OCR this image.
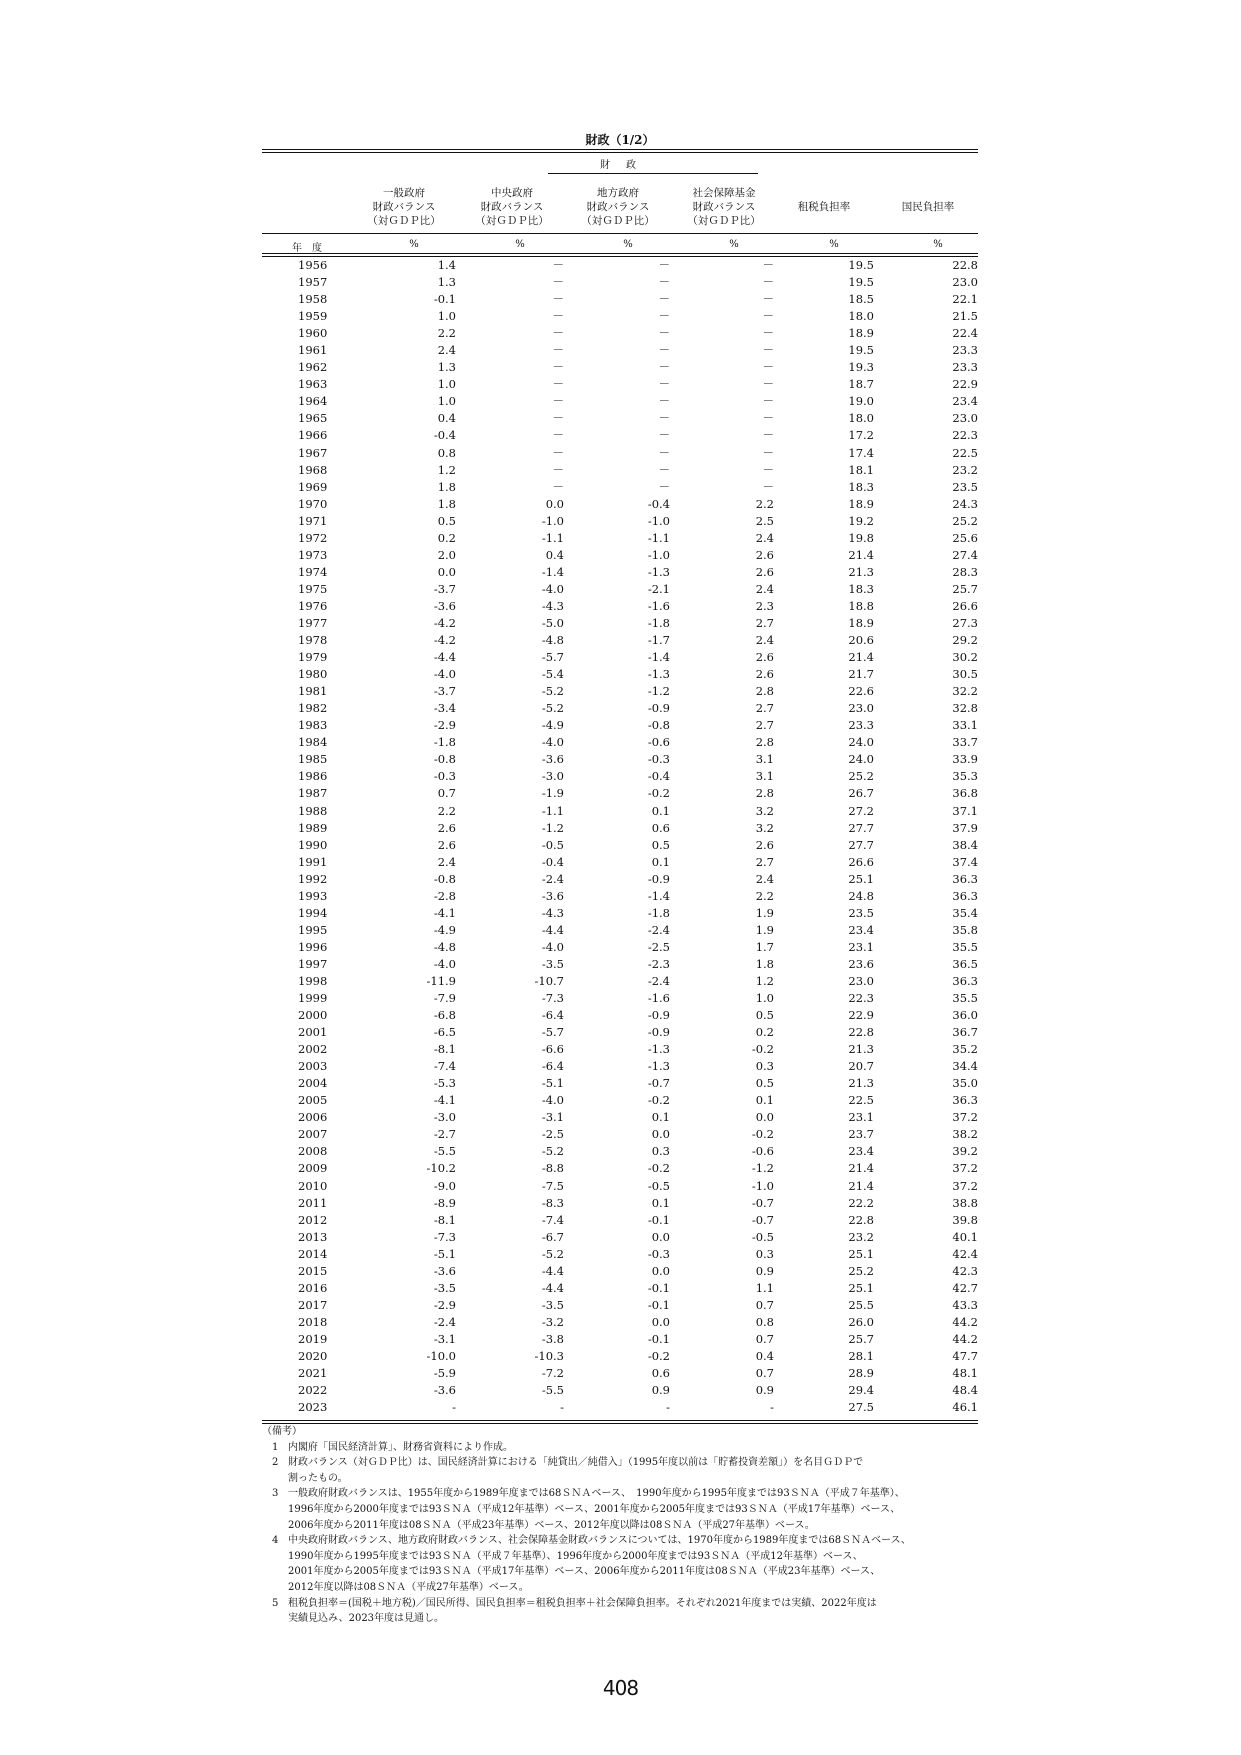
財政（1/2）
財　政
一般政府
財政バランス
（対ＧＤＰ比）
中央政府
財政バランス
（対ＧＤＰ比）
地方政府
財政バランス
（対ＧＤＰ比）
社会保障基金
財政バランス
（対ＧＤＰ比）
租税負担率	国民負担率
年　度	%	%	%	%	%	%
1956	1.4	－	－	－	19.5	22.8
1957	1.3	－	－	－	19.5	23.0
1958	-0.1	－	－	－	18.5	22.1
1959	1.0	－	－	－	18.0	21.5
1960	2.2	－	－	－	18.9	22.4
1961	2.4	－	－	－	19.5	23.3
1962	1.3	－	－	－	19.3	23.3
1963	1.0	－	－	－	18.7	22.9
1964	1.0	－	－	－	19.0	23.4
1965	0.4	－	－	－	18.0	23.0
1966	-0.4	－	－	－	17.2	22.3
1967	0.8	－	－	－	17.4	22.5
1968	1.2	－	－	－	18.1	23.2
1969	1.8	－	－	－	18.3	23.5
1970	1.8	0.0	-0.4	2.2	18.9	24.3
1971	0.5	-1.0	-1.0	2.5	19.2	25.2
1972	0.2	-1.1	-1.1	2.4	19.8	25.6
1973	2.0	0.4	-1.0	2.6	21.4	27.4
1974	0.0	-1.4	-1.3	2.6	21.3	28.3
1975	-3.7	-4.0	-2.1	2.4	18.3	25.7
1976	-3.6	-4.3	-1.6	2.3	18.8	26.6
1977	-4.2	-5.0	-1.8	2.7	18.9	27.3
1978	-4.2	-4.8	-1.7	2.4	20.6	29.2
1979	-4.4	-5.7	-1.4	2.6	21.4	30.2
1980	-4.0	-5.4	-1.3	2.6	21.7	30.5
1981	-3.7	-5.2	-1.2	2.8	22.6	32.2
1982	-3.4	-5.2	-0.9	2.7	23.0	32.8
1983	-2.9	-4.9	-0.8	2.7	23.3	33.1
1984	-1.8	-4.0	-0.6	2.8	24.0	33.7
1985	-0.8	-3.6	-0.3	3.1	24.0	33.9
1986	-0.3	-3.0	-0.4	3.1	25.2	35.3
1987	0.7	-1.9	-0.2	2.8	26.7	36.8
1988	2.2	-1.1	0.1	3.2	27.2	37.1
1989	2.6	-1.2	0.6	3.2	27.7	37.9
1990	2.6	-0.5	0.5	2.6	27.7	38.4
1991	2.4	-0.4	0.1	2.7	26.6	37.4
1992	-0.8	-2.4	-0.9	2.4	25.1	36.3
1993	-2.8	-3.6	-1.4	2.2	24.8	36.3
1994	-4.1	-4.3	-1.8	1.9	23.5	35.4
1995	-4.9	-4.4	-2.4	1.9	23.4	35.8
1996	-4.8	-4.0	-2.5	1.7	23.1	35.5
1997	-4.0	-3.5	-2.3	1.8	23.6	36.5
1998	-11.9	-10.7	-2.4	1.2	23.0	36.3
1999	-7.9	-7.3	-1.6	1.0	22.3	35.5
2000	-6.8	-6.4	-0.9	0.5	22.9	36.0
2001	-6.5	-5.7	-0.9	0.2	22.8	36.7
2002	-8.1	-6.6	-1.3	-0.2	21.3	35.2
2003	-7.4	-6.4	-1.3	0.3	20.7	34.4
2004	-5.3	-5.1	-0.7	0.5	21.3	35.0
2005	-4.1	-4.0	-0.2	0.1	22.5	36.3
2006	-3.0	-3.1	0.1	0.0	23.1	37.2
2007	-2.7	-2.5	0.0	-0.2	23.7	38.2
2008	-5.5	-5.2	0.3	-0.6	23.4	39.2
2009	-10.2	-8.8	-0.2	-1.2	21.4	37.2
2010	-9.0	-7.5	-0.5	-1.0	21.4	37.2
2011	-8.9	-8.3	0.1	-0.7	22.2	38.8
2012	-8.1	-7.4	-0.1	-0.7	22.8	39.8
2013	-7.3	-6.7	0.0	-0.5	23.2	40.1
2014	-5.1	-5.2	-0.3	0.3	25.1	42.4
2015	-3.6	-4.4	0.0	0.9	25.2	42.3
2016	-3.5	-4.4	-0.1	1.1	25.1	42.7
2017	-2.9	-3.5	-0.1	0.7	25.5	43.3
2018	-2.4	-3.2	0.0	0.8	26.0	44.2
2019	-3.1	-3.8	-0.1	0.7	25.7	44.2
2020	-10.0	-10.3	-0.2	0.4	28.1	47.7
2021	-5.9	-7.2	0.6	0.7	28.9	48.1
2022	-3.6	-5.5	0.9	0.9	29.4	48.4
2023	-	-	-	-	27.5	46.1
（備考）
1 内閣府「国民経済計算」、財務省資料により作成。
2 財政バランス（対ＧＤＰ比）は、国民経済計算における「純貸出／純借入」（1995年度以前は「貯蓄投資差額」）を名目ＧＤＰで
割ったもの。
3 一般政府財政バランスは、1955年度から1989年度までは68ＳＮＡベース、　1990年度から1995年度までは93ＳＮＡ（平成７年基準）、
1996年度から2000年度までは93ＳＮＡ（平成12年基準）ベース、2001年度から2005年度までは93ＳＮＡ（平成17年基準）ベース、
2006年度から2011年度は08ＳＮＡ（平成23年基準）ベース、2012年度以降は08ＳＮＡ（平成27年基準）ベース。
4 中央政府財政バランス、地方政府財政バランス、社会保障基金財政バランスについては、1970年度から1989年度までは68ＳＮＡベース、
1990年度から1995年度までは93ＳＮＡ（平成７年基準）、1996年度から2000年度までは93ＳＮＡ（平成12年基準）ベース、
2001年度から2005年度までは93ＳＮＡ（平成17年基準）ベース、2006年度から2011年度は08ＳＮＡ（平成23年基準）ベース、
2012年度以降は08ＳＮＡ（平成27年基準）ベース。
5 租税負担率＝(国税＋地方税)／国民所得、国民負担率＝租税負担率＋社会保障負担率。それぞれ2021年度までは実績、2022年度は
実績見込み、2023年度は見通し。
408
